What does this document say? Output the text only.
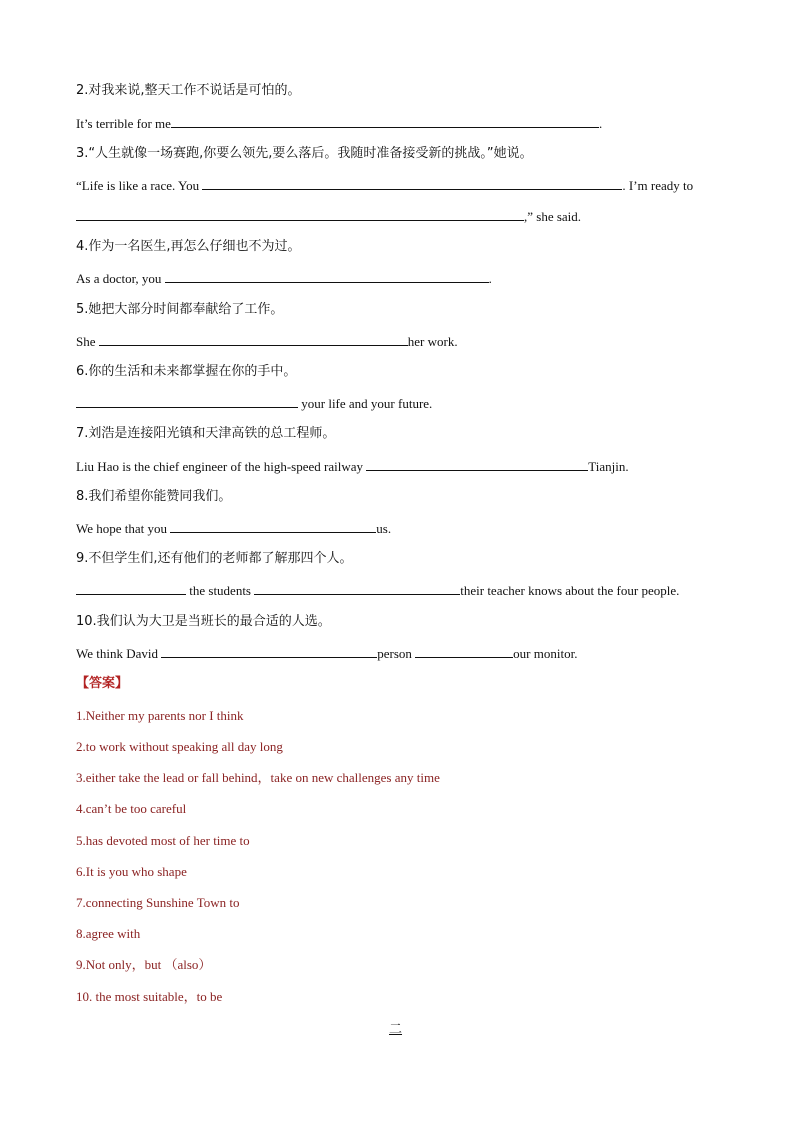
2.对我来说,整天工作不说话是可怕的。
It’s terrible for me	.
3.“人生就像一场赛跑,你要么领先,要么落后。我随时准备接受新的挑战。”她说。
“Life is like a race. You	. I’m ready to
,” she said.
4.作为一名医生,再怎么仔细也不为过。
As a doctor, you	.
5.她把大部分时间都奉献给了工作。
She	her work.
6.你的生活和未来都掌握在你的手中。
your life and your future.
7.刘浩是连接阳光镇和天津高铁的总工程师。
Liu Hao is the chief engineer of the high-speed railway	Tianjin.
8.我们希望你能赞同我们。
We hope that you	us.
9.不但学生们,还有他们的老师都了解那四个人。
the students	their teacher knows about the four people.
10.我们认为大卫是当班长的最合适的人选。
We think David	person	our monitor.
【答案】
1.Neither my parents nor I think
2.to work without speaking all day long
3.either take the lead or fall behind，take on new challenges any time
4.can’t be too careful
5.has devoted most of her time to
6.It is you who shape
7.connecting Sunshine Town to
8.agree with
9.Not only，but （also）
10. the most suitable，to be
二
